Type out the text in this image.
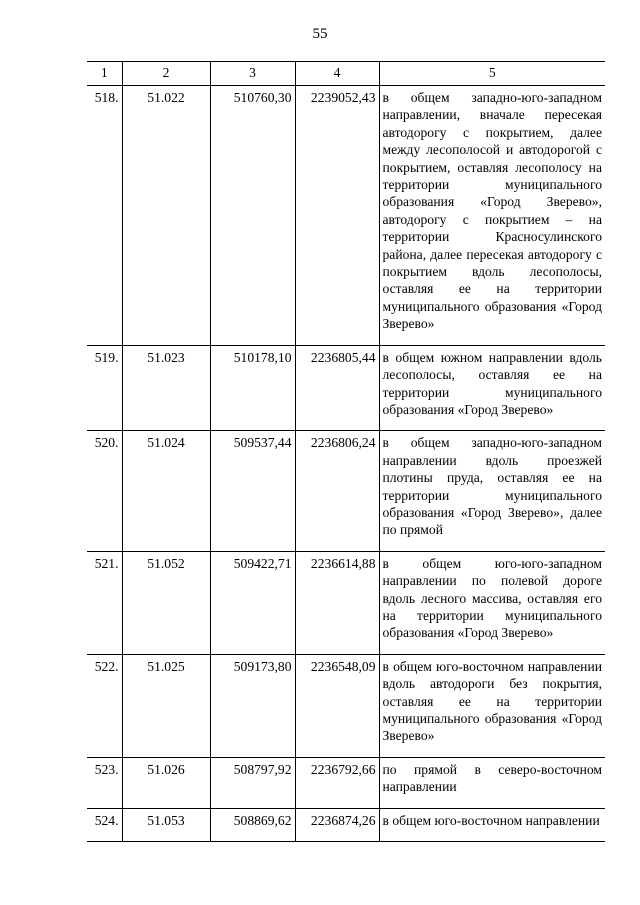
55
1	2	3	4	5
518.	51.022	510760,30	2239052,43	в общем западно-юго-западном направлении, вначале пересекая автодорогу с покрытием, далее между лесополосой и автодорогой с покрытием, оставляя лесополосу на территории муниципального образования «Город Зверево», автодорогу с покрытием – на территории Красносулинского района, далее пересекая автодорогу с покрытием вдоль лесополосы, оставляя ее на территории муниципального образования «Город Зверево»
519.	51.023	510178,10	2236805,44	в общем южном направлении вдоль лесополосы, оставляя ее на территории муниципального образования «Город Зверево»
520.	51.024	509537,44	2236806,24	в общем западно-юго-западном направлении вдоль проезжей плотины пруда, оставляя ее на территории муниципального образования «Город Зверево», далее по прямой
521.	51.052	509422,71	2236614,88	в общем юго-юго-западном направлении по полевой дороге вдоль лесного массива, оставляя его на территории муниципального образования «Город Зверево»
522.	51.025	509173,80	2236548,09	в общем юго-восточном направлении вдоль автодороги без покрытия, оставляя ее на территории муниципального образования «Город Зверево»
523.	51.026	508797,92	2236792,66	по прямой в северо-восточном направлении
524.	51.053	508869,62	2236874,26	в общем юго-восточном направлении
